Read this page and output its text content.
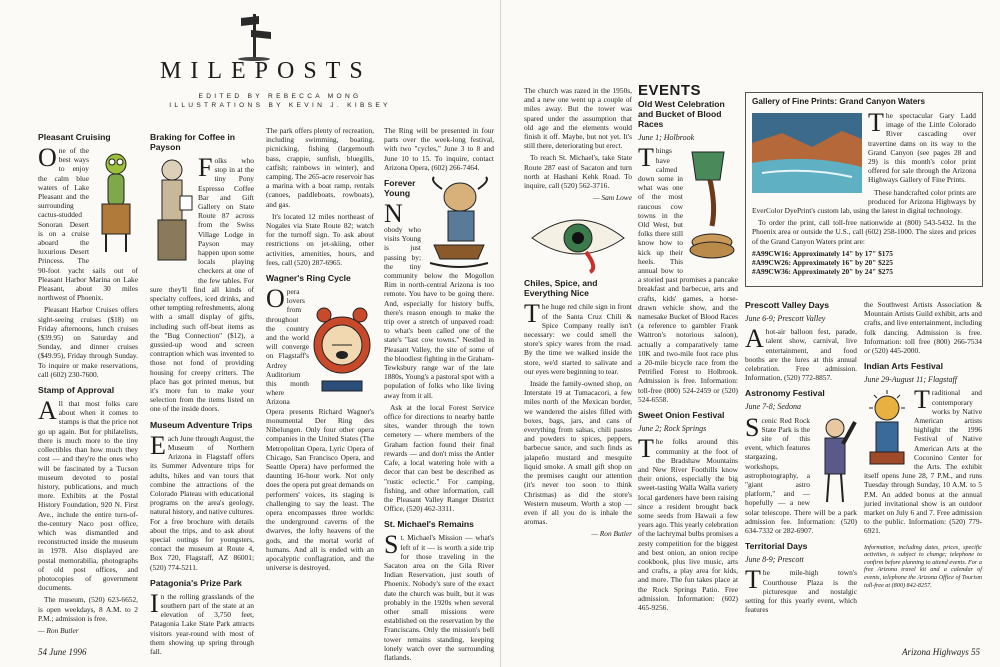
MILEPOSTS
EDITED BY REBECCA MONG
ILLUSTRATIONS BY KEVIN J. KIBSEY
Pleasant Cruising

One of the best ways to enjoy the calm blue waters of Lake Pleasant and the surrounding cactus-studded Sonoran Desert is on a cruise aboard the luxurious Desert Princess. The 90-foot yacht sails out of Pleasant Harbor Marina on Lake Pleasant, about 30 miles northwest of Phoenix.

Pleasant Harbor Cruises offers sight-seeing cruises ($18) on Friday afternoons, lunch cruises ($39.95) on Saturday and Sunday, and dinner cruises ($49.95), Friday through Sunday. To inquire or make reservations, call (602) 230-7600.

Stamp of Approval

All that most folks care about when it comes to stamps is that the price not go up again. But for philatelists, there is much more to the tiny collectibles than how much they cost — and they're the ones who will be fascinated by a Tucson museum devoted to postal history, publications, and much more. Exhibits at the Postal History Foundation, 920 N. First Ave., include the entire turn-of-the-century Naco post office, which was dismantled and reconstructed inside the museum in 1978. Also displayed are postal memorabilia, photographs of old post offices, and photocopies of government documents.

The museum, (520) 623-6652, is open weekdays, 8 A.M. to 2 P.M.; admission is free.

— Ron Butler

Braking for Coffee in Payson

Folks who stop in at the tiny Pony Espresso Coffee Bar and Gift Gallery on State Route 87 across from the Swiss Village Lodge in Payson may happen upon some locals playing checkers at one of the few tables. For sure they'll find all kinds of specialty coffees, iced drinks, and other tempting refreshments, along with a small display of gifts, including such off-beat items as the "Bug Connection" ($12), a gussied-up wood and screen contraption which was invented to those not fond of providing housing for creepy critters. The place has got printed menus, but it's more fun to make your selection from the items listed on one of the inside doors.

Museum Adventure Trips

Each June through August, the Museum of Northern Arizona in Flagstaff offers its Summer Adventure trips for adults, hikes and van tours that combine the attractions of the Colorado Plateau with educational programs on the area's geology, natural history, and native cultures. For a free brochure with details about the trips, and to ask about special outings for youngsters, contact the museum at Route 4, Box 720, Flagstaff, AZ 86001; (520) 774-5211.

Patagonia's Prize Park

In the rolling grasslands of the southern part of the state at an elevation of 3,750 feet, Patagonia Lake State Park attracts visitors year-round with most of them showing up spring through fall.

The park offers plenty of recreation, including swimming, boating, picnicking, fishing (largemouth bass, crappie, sunfish, bluegills, catfish; rainbows in winter), and camping. The 265-acre reservoir has a marina with a boat ramp, rentals (canoes, paddleboats, rowboats), and gas.

It's located 12 miles northeast of Nogales via State Route 82; watch for the turnoff sign. To ask about restrictions on jet-skiing, other activities, amenities, hours, and fees, call (520) 287-6965.

Wagner's Ring Cycle

Opera lovers from throughout the country and the world will converge on Flagstaff's Ardrey Auditorium this month where Arizona Opera presents Richard Wagner's monumental Der Ring des Nibelungen. Only four other opera companies in the United States (The Metropolitan Opera, Lyric Opera of Chicago, San Francisco Opera, and Seattle Opera) have performed the daunting 16-hour work. Not only does the opera put great demands on performers' voices, its staging is challenging to say the least. The opera encompasses three worlds: the underground caverns of the dwarves, the lofty heavens of the gods, and the mortal world of humans. And all is ended with an apocalyptic conflagration, and the universe is destroyed.

The Ring will be presented in four parts over the week-long festival, with two "cycles," June 3 to 8 and June 10 to 15. To inquire, contact Arizona Opera, (602) 266-7464.

Forever Young

Nobody who visits Young is just passing by; the tiny community below the Mogollon Rim in north-central Arizona is too remote. You have to be going there. And, especially for history buffs, there's reason enough to make the trip over a stretch of unpaved road: to what's been called one of the state's "last cow towns." Nestled in Pleasant Valley, the site of some of the bloodiest fighting in the Graham-Tewksbury range war of the late 1880s, Young's a pastoral spot with a population of folks who like living away from it all.

Ask at the local Forest Service office for directions to nearby battle sites, wander through the town cemetery — where members of the Graham faction found their final rewards — and don't miss the Antler Cafe, a local watering hole with a decor that can best be described as "rustic eclectic." For camping, fishing, and other information, call the Pleasant Valley Ranger District Office, (520) 462-3311.

St. Michael's Remains

St. Michael's Mission — what's left of it — is worth a side trip for those traveling in the Sacaton area on the Gila River Indian Reservation, just south of Phoenix. Nobody's sure of the exact date the church was built, but it was probably in the 1920s when several other small missions were established on the reservation by the Franciscans. Only the mission's bell tower remains standing, keeping lonely watch over the surrounding flatlands.

The church was razed in the 1950s, and a new one went up a couple of miles away. But the tower was spared under the assumption that old age and the elements would finish it off. Maybe, but not yet. It's still there, deteriorating but erect.

To reach St. Michael's, take State Route 287 east of Sacaton and turn north at Hashani Kehk Road. To inquire, call (520) 562-3716.

— Sam Lowe

Chiles, Spice, and Everything Nice

The huge red chile sign in front of the Santa Cruz Chili & Spice Company really isn't necessary: we could smell the store's spicy wares from the road. By the time we walked inside the store, we'd started to salivate and our eyes were beginning to tear.

Inside the family-owned shop, on Interstate 19 at Tumacacori, a few miles north of the Mexican border, we wandered the aisles filled with boxes, bags, jars, and cans of everything from salsas, chili pastes and powders to spices, peppers, barbecue sauce, and such finds as jalapeño mustard and mesquite liquid smoke. A small gift shop on the premises caught our attention (it's never too soon to think Christmas) as did the store's Western museum. Worth a stop — even if all you do is inhale the aromas.

— Ron Butler

EVENTS
Old West Celebration and Bucket of Blood Races
June 1; Holbrook

Things have calmed down some in what was one of the most raucous cow towns in the Old West, but folks there still know how to kick up their heels. This annual bow to a storied past promises a pancake breakfast and barbecue, arts and crafts, kids' games, a horse-drawn vehicle show, and the namesake Bucket of Blood Races (a reference to gambler Frank Wattron's notorious saloon), actually a comparatively tame 10K and two-mile foot race plus a 20-mile bicycle race from the Petrified Forest to Holbrook. Admission is free. Information: toll-free (800) 524-2459 or (520) 524-6558.

Sweet Onion Festival
June 2; Rock Springs

The folks around this community at the foot of the Bradshaw Mountains and New River Foothills know their onions, especially the big sweet-tasting Walla Walla variety local gardeners have been raising since a resident brought back some seeds from Hawaii a few years ago. This yearly celebration of the lachrymal bulbs promises a zesty competition for the biggest and best onion, an onion recipe cookbook, plus live music, arts and crafts, a play area for kids, and more. The fun takes place at the Rock Springs Patio. Free admission. Information: (602) 465-9256.

Gallery of Fine Prints: Grand Canyon Waters

The spectacular Gary Ladd image of the Little Colorado River cascading over travertine dams on its way to the Grand Canyon (see pages 28 and 29) is this month's color print offered for sale through the Arizona Highways Gallery of Fine Prints.

These handcrafted color prints are produced for Arizona Highways by EverColor DyePrint's custom lab, using the latest in digital technology.

To order the print, call toll-free nationwide at (800) 543-5432. In the Phoenix area or outside the U.S., call (602) 258-1000. The sizes and prices of the Grand Canyon Waters print are:

#A99CW16: Approximately 14" by 17" $175
#A99CW26: Approximately 16" by 20" $225
#A99CW36: Approximately 20" by 24" $275
Prescott Valley Days
June 6-9; Prescott Valley

Ahot-air balloon fest, parade, talent show, carnival, live entertainment, and food booths are the lures at this annual celebration. Free admission. Information, (520) 772-8857.

Astronomy Festival
June 7-8; Sedona

Scenic Red Rock State Park is the site of this event, which features stargazing, workshops, astrophotography, a "giant astro platform," and — hopefully — a new solar telescope. There will be a park admission fee. Information: (520) 634-7332 or 282-6907.

Territorial Days
June 8-9; Prescott

The mile-high town's Courthouse Plaza is the picturesque and nostalgic setting for this yearly event, which features

the Southwest Artists Association & Mountain Artists Guild exhibit, arts and crafts, and live entertainment, including folk dancing. Admission is free. Information: toll free (800) 266-7534 or (520) 445-2000.

Indian Arts Festival
June 29-August 11; Flagstaff

Traditional and contemporary works by Native American artists highlight the 1996 Festival of Native American Arts at the Coconino Center for the Arts. The exhibit itself opens June 28, 7 P.M., and runs Tuesday through Sunday, 10 A.M. to 5 P.M. An added bonus at the annual juried invitational show is an outdoor market on July 6 and 7. Free admission to the public. Information: (520) 779-6921.

Information, including dates, prices, specific activities, is subject to change; telephone to confirm before planning to attend events. For a free Arizona travel kit and a calendar of events, telephone the Arizona Office of Tourism toll-free at (800) 842-8257.

54 June 1996	Arizona Highways 55
